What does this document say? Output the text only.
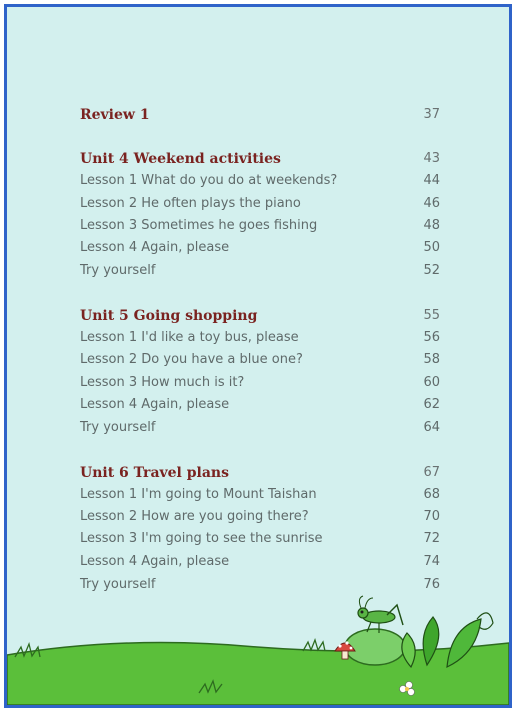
Review 1	37
Unit 4 Weekend activities	43
Lesson 1 What do you do at weekends?	44
Lesson 2 He often plays the piano	46
Lesson 3 Sometimes he goes fishing	48
Lesson 4 Again, please	50
Try yourself	52
Unit 5 Going shopping	55
Lesson 1 I'd like a toy bus, please	56
Lesson 2 Do you have a blue one?	58
Lesson 3 How much is it?	60
Lesson 4 Again, please	62
Try yourself	64
Unit 6 Travel plans	67
Lesson 1 I'm going to Mount Taishan	68
Lesson 2 How are you going there?	70
Lesson 3 I'm going to see the sunrise	72
Lesson 4 Again, please	74
Try yourself	76
